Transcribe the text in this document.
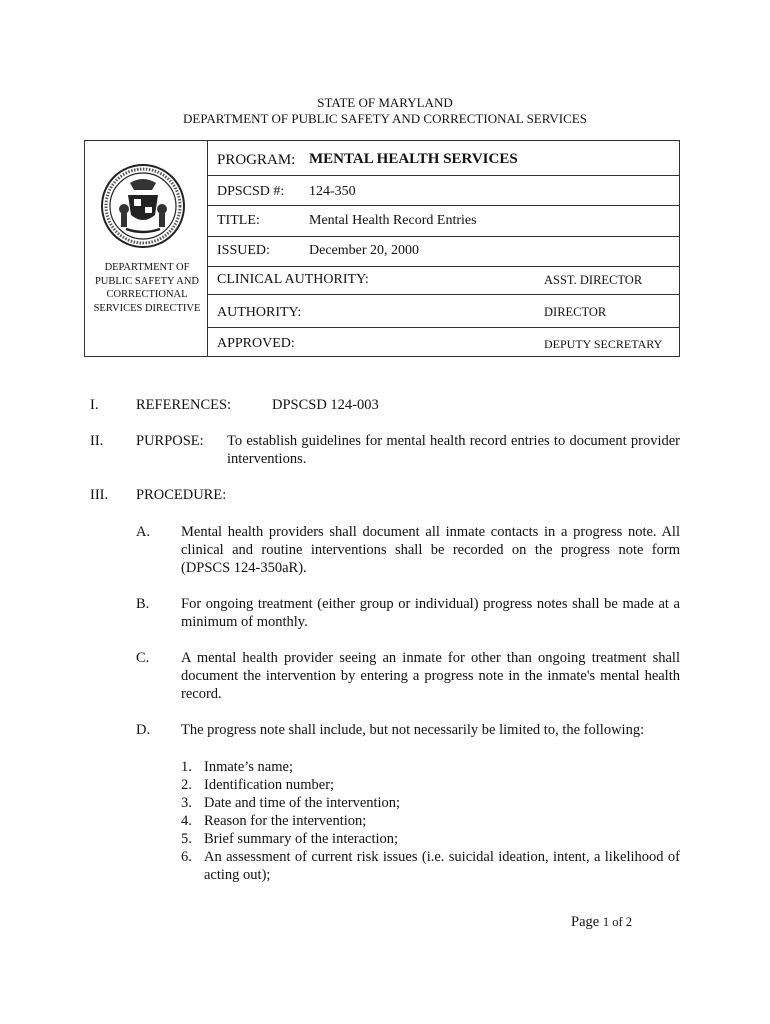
STATE OF MARYLAND
DEPARTMENT OF PUBLIC SAFETY AND CORRECTIONAL SERVICES
DEPARTMENT OF
PUBLIC SAFETY AND
CORRECTIONAL
SERVICES DIRECTIVE
PROGRAM: MENTAL HEALTH SERVICES
DPSCSD #: 124-350
TITLE:	Mental Health Record Entries
ISSUED:	December 20, 2000
CLINICAL AUTHORITY:	ASST. DIRECTOR
AUTHORITY:	DIRECTOR
APPROVED:	DEPUTY SECRETARY
I.	REFERENCES:	DPSCSD 124-003
II. PURPOSE: To establish guidelines for mental health record entries to document provider interventions.
III. PROCEDURE:
A. Mental health providers shall document all inmate contacts in a progress note. All clinical and routine interventions shall be recorded on the progress note form (DPSCS 124-350aR).
B. For ongoing treatment (either group or individual) progress notes shall be made at a minimum of monthly.
C. A mental health provider seeing an inmate for other than ongoing treatment shall document the intervention by entering a progress note in the inmate's mental health record.
D. The progress note shall include, but not necessarily be limited to, the following:
1. Inmate’s name;
2. Identification number;
3. Date and time of the intervention;
4. Reason for the intervention;
5. Brief summary of the interaction;
6. An assessment of current risk issues (i.e. suicidal ideation, intent, a likelihood of acting out);
Page 1 of 2
